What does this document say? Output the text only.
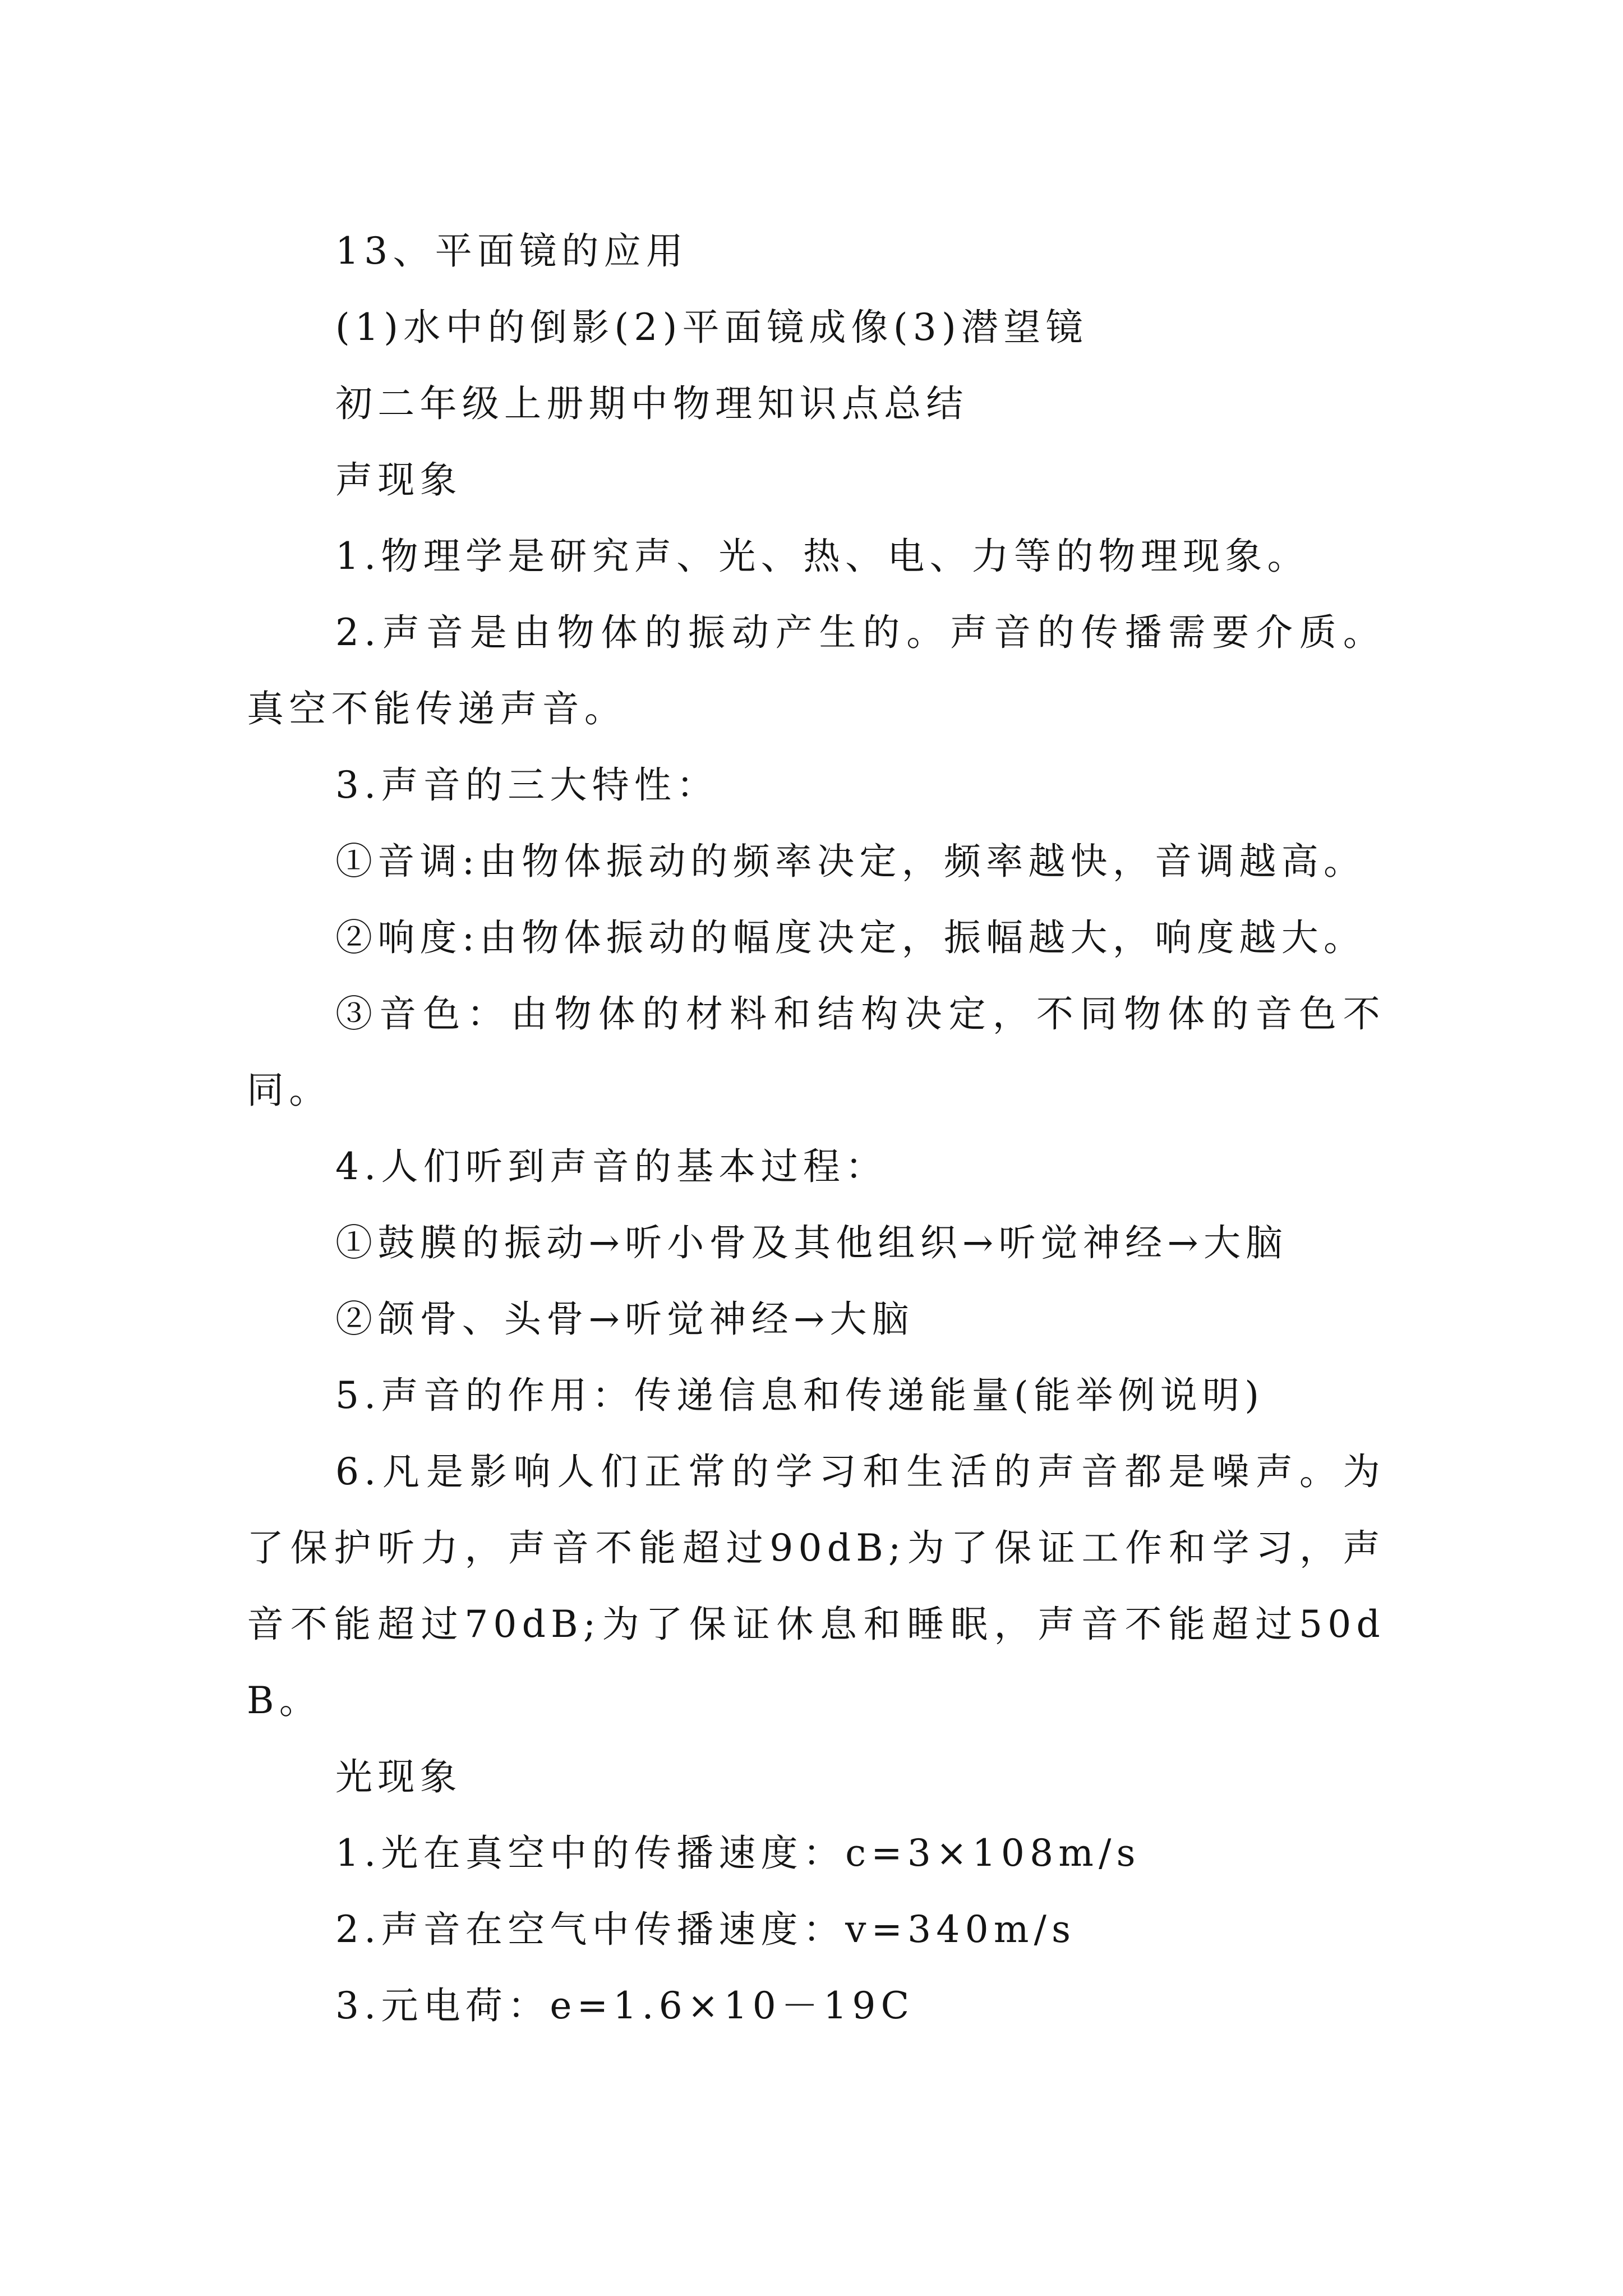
13、平面镜的应用

(1)水中的倒影(2)平面镜成像(3)潜望镜

初二年级上册期中物理知识点总结

声现象

1.物理学是研究声、光、热、电、力等的物理现象。

2.声音是由物体的振动产生的。声音的传播需要介质。真空不能传递声音。

3.声音的三大特性：

①音调:由物体振动的频率决定，频率越快，音调越高。

②响度:由物体振动的幅度决定，振幅越大，响度越大。

③音色：由物体的材料和结构决定，不同物体的音色不同。

4.人们听到声音的基本过程：

①鼓膜的振动→听小骨及其他组织→听觉神经→大脑

②颌骨、头骨→听觉神经→大脑

5.声音的作用：传递信息和传递能量(能举例说明)

6.凡是影响人们正常的学习和生活的声音都是噪声。为了保护听力，声音不能超过90dB;为了保证工作和学习，声音不能超过70dB;为了保证休息和睡眠，声音不能超过50dB。

光现象

1.光在真空中的传播速度：c=3×108m/s

2.声音在空气中传播速度：v=340m/s

3.元电荷：e=1.6×10－19C
